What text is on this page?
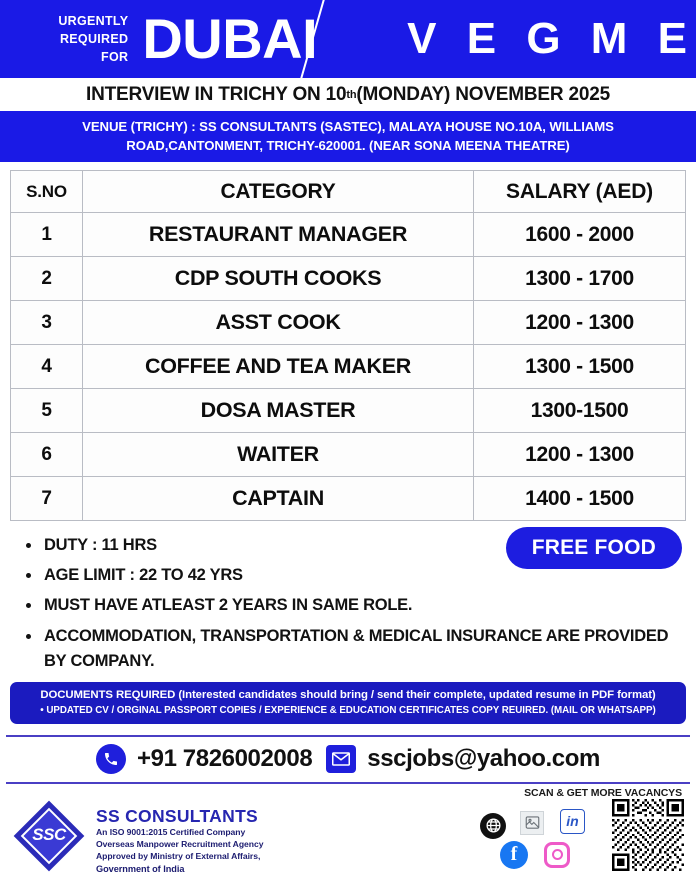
URGENTLY
REQUIRED FOR DUBAI V E G M E
INTERVIEW IN TRICHY ON 10 th (MONDAY) NOVEMBER 2025
VENUE (TRICHY) : SS CONSULTANTS (SASTEC), MALAYA HOUSE NO.10A, WILLIAMS
ROAD,CANTONMENT, TRICHY-620001. (NEAR SONA MEENA THEATRE)
S.NO	CATEGORY	SALARY (AED)
1	RESTAURANT MANAGER	1600 - 2000
2	CDP SOUTH COOKS	1300 - 1700
3	ASST COOK	1200 - 1300
4	COFFEE AND TEA MAKER	1300 - 1500
5	DOSA MASTER	1300-1500
6	WAITER	1200 - 1300
7	CAPTAIN	1400 - 1500
FREE FOOD
DUTY : 11 HRS
AGE LIMIT : 22 TO 42 YRS
MUST HAVE ATLEAST 2 YEARS IN SAME ROLE.
ACCOMMODATION, TRANSPORTATION & MEDICAL INSURANCE ARE PROVIDED BY COMPANY.
DOCUMENTS REQUIRED (Interested candidates should bring / send their complete, updated resume in PDF format)
• UPDATED CV / ORGINAL PASSPORT COPIES / EXPERIENCE & EDUCATION CERTIFICATES COPY REUIRED. (MAIL OR WHATSAPP)
+91 7826002008 sscjobs@yahoo.com
SCAN & GET MORE VACANCYS
SSC
SS CONSULTANTS
An ISO 9001:2015 Certified Company
Overseas Manpower Recruitment Agency
Approved by Ministry of External Affairs,
Government of India
in
f
